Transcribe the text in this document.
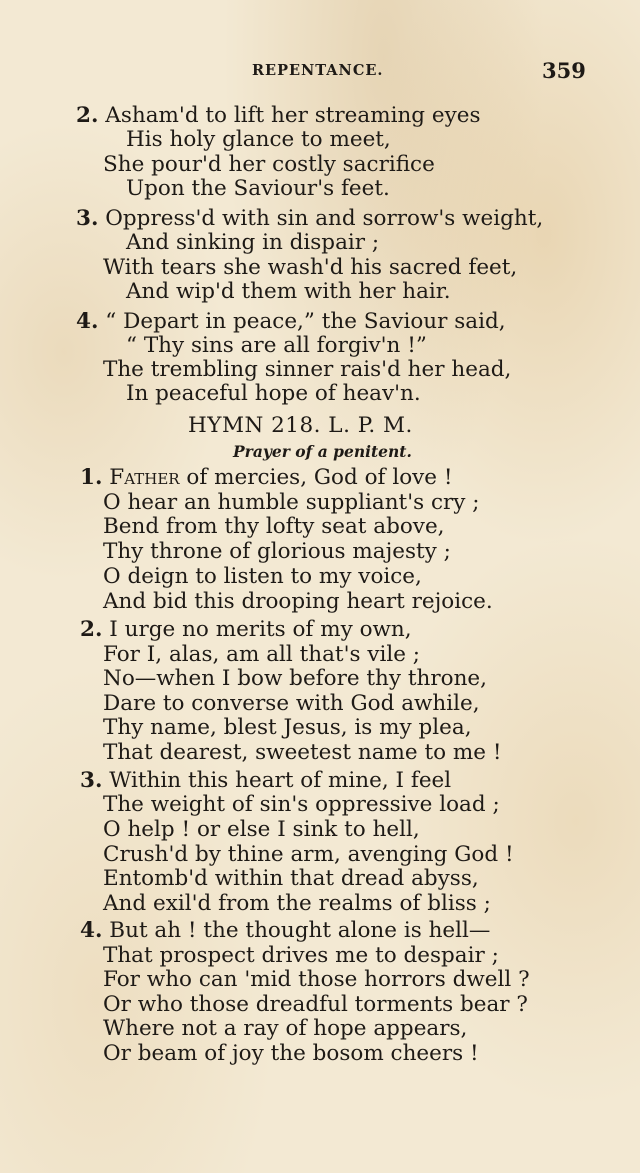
REPENTANCE.	359
2. Asham'd to lift her streaming eyes
His holy glance to meet,
She pour'd her costly sacrifice
Upon the Saviour's feet.
3. Oppress'd with sin and sorrow's weight,
And sinking in dispair ;
With tears she wash'd his sacred feet,
And wip'd them with her hair.
4. “ Depart in peace,” the Saviour said,
“ Thy sins are all forgiv'n !”
The trembling sinner rais'd her head,
In peaceful hope of heav'n.
HYMN 218. L. P. M.
Prayer of a penitent.
1. Father of mercies, God of love !
O hear an humble suppliant's cry ;
Bend from thy lofty seat above,
Thy throne of glorious majesty ;
O deign to listen to my voice,
And bid this drooping heart rejoice.
2. I urge no merits of my own,
For I, alas, am all that's vile ;
No—when I bow before thy throne,
Dare to converse with God awhile,
Thy name, blest Jesus, is my plea,
That dearest, sweetest name to me !
3. Within this heart of mine, I feel
The weight of sin's oppressive load ;
O help ! or else I sink to hell,
Crush'd by thine arm, avenging God !
Entomb'd within that dread abyss,
And exil'd from the realms of bliss ;
4. But ah ! the thought alone is hell—
That prospect drives me to despair ;
For who can 'mid those horrors dwell ?
Or who those dreadful torments bear ?
Where not a ray of hope appears,
Or beam of joy the bosom cheers !
